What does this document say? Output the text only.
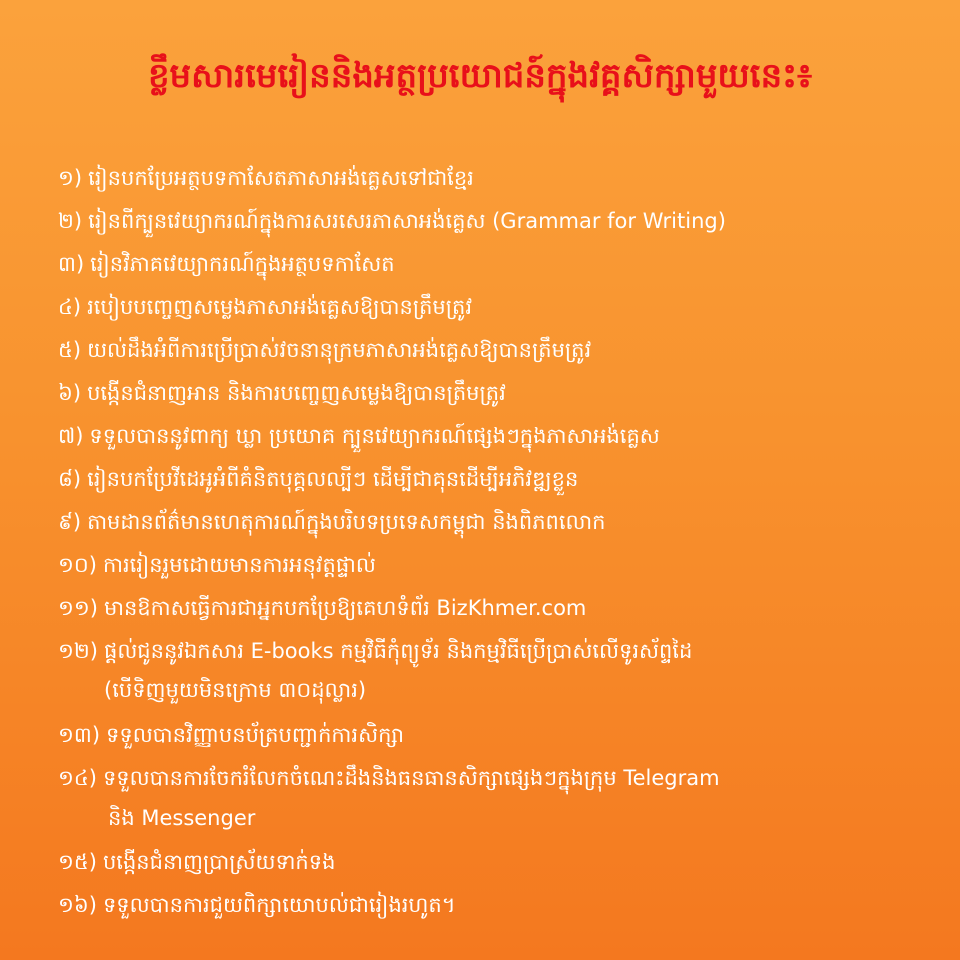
ខ្លឹមសារមេរៀននិងអត្ថប្រយោជន៍ក្នុងវគ្គសិក្សាមួយនេះ៖
១) រៀនបកប្រែអត្ថបទកាសែតភាសាអង់គ្លេសទៅជាខ្មែរ
២) រៀនពីក្បួនវេយ្យាករណ៍ក្នុងការសរសេរភាសាអង់គ្លេស (Grammar for Writing)
៣) រៀនវិភាគវេយ្យាករណ៍ក្នុងអត្ថបទកាសែត
៤) របៀបបញ្ចេញសម្លេងភាសាអង់គ្លេសឱ្យបានត្រឹមត្រូវ
៥) យល់ដឹងអំពីការប្រើប្រាស់វចនានុក្រមភាសាអង់គ្លេសឱ្យបានត្រឹមត្រូវ
៦) បង្កើនជំនាញអាន និងការបញ្ចេញសម្លេងឱ្យបានត្រឹមត្រូវ
៧) ទទួលបាននូវពាក្យ ឃ្លា ប្រយោគ ក្បួនវេយ្យាករណ៍ផ្សេងៗក្នុងភាសាអង់គ្លេស
៨) រៀនបកប្រែវីដេអូអំពីគំនិតបុគ្គលល្បីៗ ដើម្បីជាគុនដើម្បីអភិវឌ្ឍខ្លួន
៩) តាមដានព័ត៌មានហេតុការណ៍ក្នុងបរិបទប្រទេសកម្ពុជា និងពិភពលោក
១០) ការរៀនរួមដោយមានការអនុវត្តផ្ទាល់
១១) មានឱកាសធ្វើការជាអ្នកបកប្រែឱ្យគេហទំព័រ BizKhmer.com
១២) ផ្ដល់ជូននូវឯកសារ E-books កម្មវិធីកុំព្យូទ័រ និងកម្មវិធីប្រើប្រាស់លើទូរស័ព្ទដៃ
(បើទិញមួយមិនក្រោម ៣០ដុល្លារ)
១៣) ទទួលបានវិញ្ញាបនប័ត្របញ្ជាក់ការសិក្សា
១៤) ទទួលបានការចែករំលែកចំណេះដឹងនិងធនធានសិក្សាផ្សេងៗក្នុងក្រុម Telegram
និង Messenger
១៥) បង្កើនជំនាញប្រាស្រ័យទាក់ទង
១៦) ទទួលបានការជួយពិក្សាយោបល់ជារៀងរហូត។
